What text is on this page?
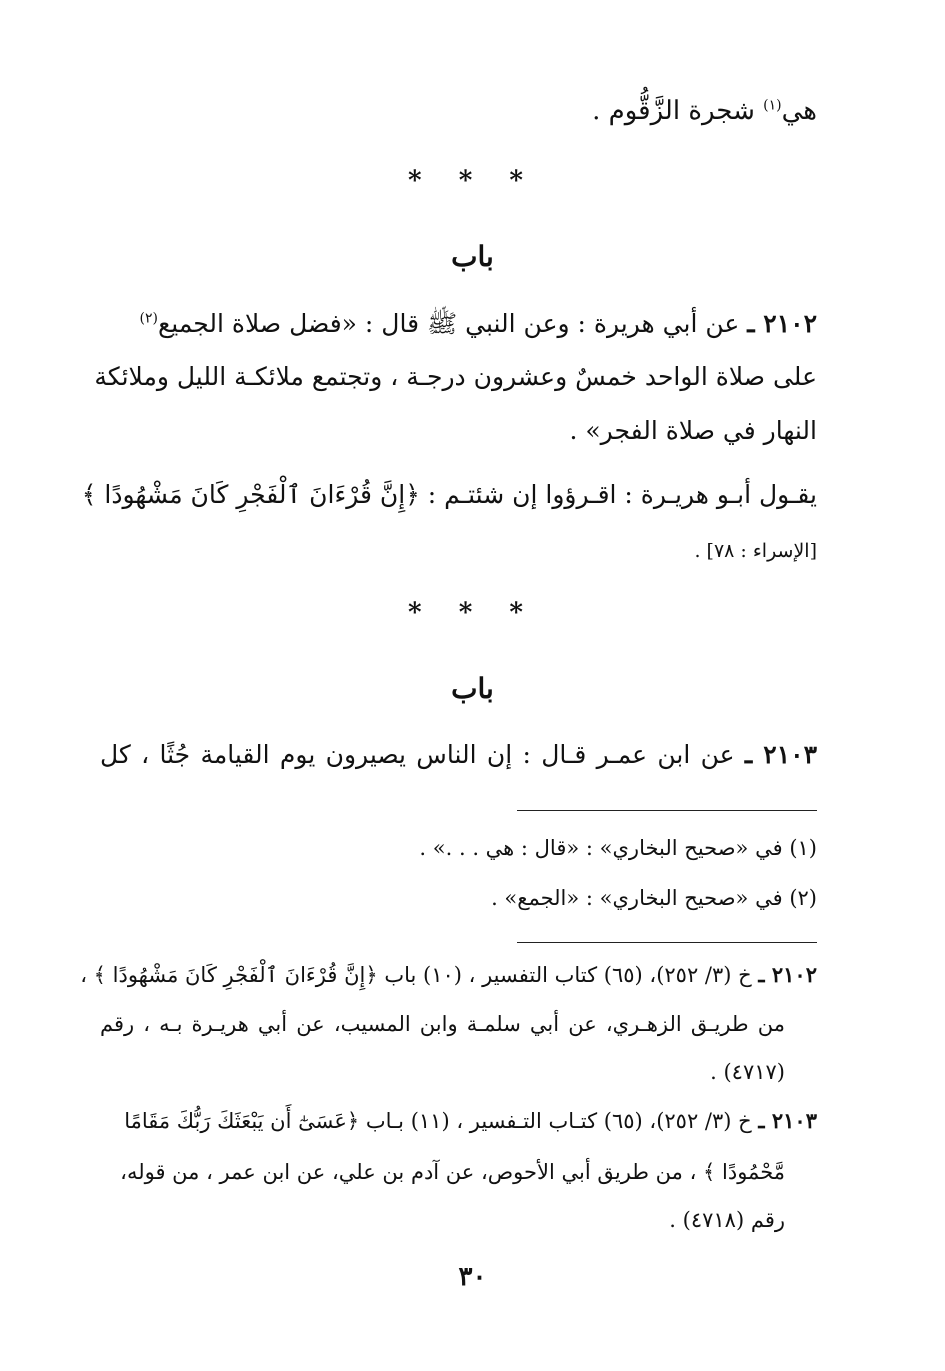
هي$^{(١)}$ شجرة الزَّقُّوم .
* * *
باب
٢١٠٢ ـ عن أبي هريرة : وعن النبي ﷺ قال : «فضل صلاة الجميع$^{(٢)}$
على صلاة الواحد خمسٌ وعشرون درجـة ، وتجتمع ملائكـة الليل وملائكة
النهار في صلاة الفجر» .
يقـول أبـو هريـرة : اقـرؤوا إن شئتـم : ﴿إِنَّ قُرْءَانَ ٱلْفَجْرِ كَانَ مَشْهُودًا ﴾
[الإسراء : ٧٨] .
* * *
باب
٢١٠٣ ـ عن ابن عمـر قـال : إن الناس يصيرون يوم القيامة جُثًا ، كل
(١) في «صحيح البخاري» : «قال : هي . . .» .
(٢) في «صحيح البخاري» : «الجمع» .
٢١٠٢ ـ خ (٣/ ٢٥٢)، (٦٥) كتاب التفسير ، (١٠) باب ﴿إِنَّ قُرْءَانَ ٱلْفَجْرِ كَانَ مَشْهُودًا ﴾ ،
من طريـق الزهـري، عن أبي سلمـة وابن المسيب، عن أبي هريـرة بـه ، رقم
(٤٧١٧) .
٢١٠٣ ـ خ (٣/ ٢٥٢)، (٦٥) كتـاب التـفسير ، (١١) بـاب ﴿عَسَىٰٓ أَن يَبْعَثَكَ رَبُّكَ مَقَامًا
مَّحْمُودًا ﴾ ، من طريق أبي الأحوص، عن آدم بن علي، عن ابن عمر ، من قوله،
رقم (٤٧١٨) .
٣٠
